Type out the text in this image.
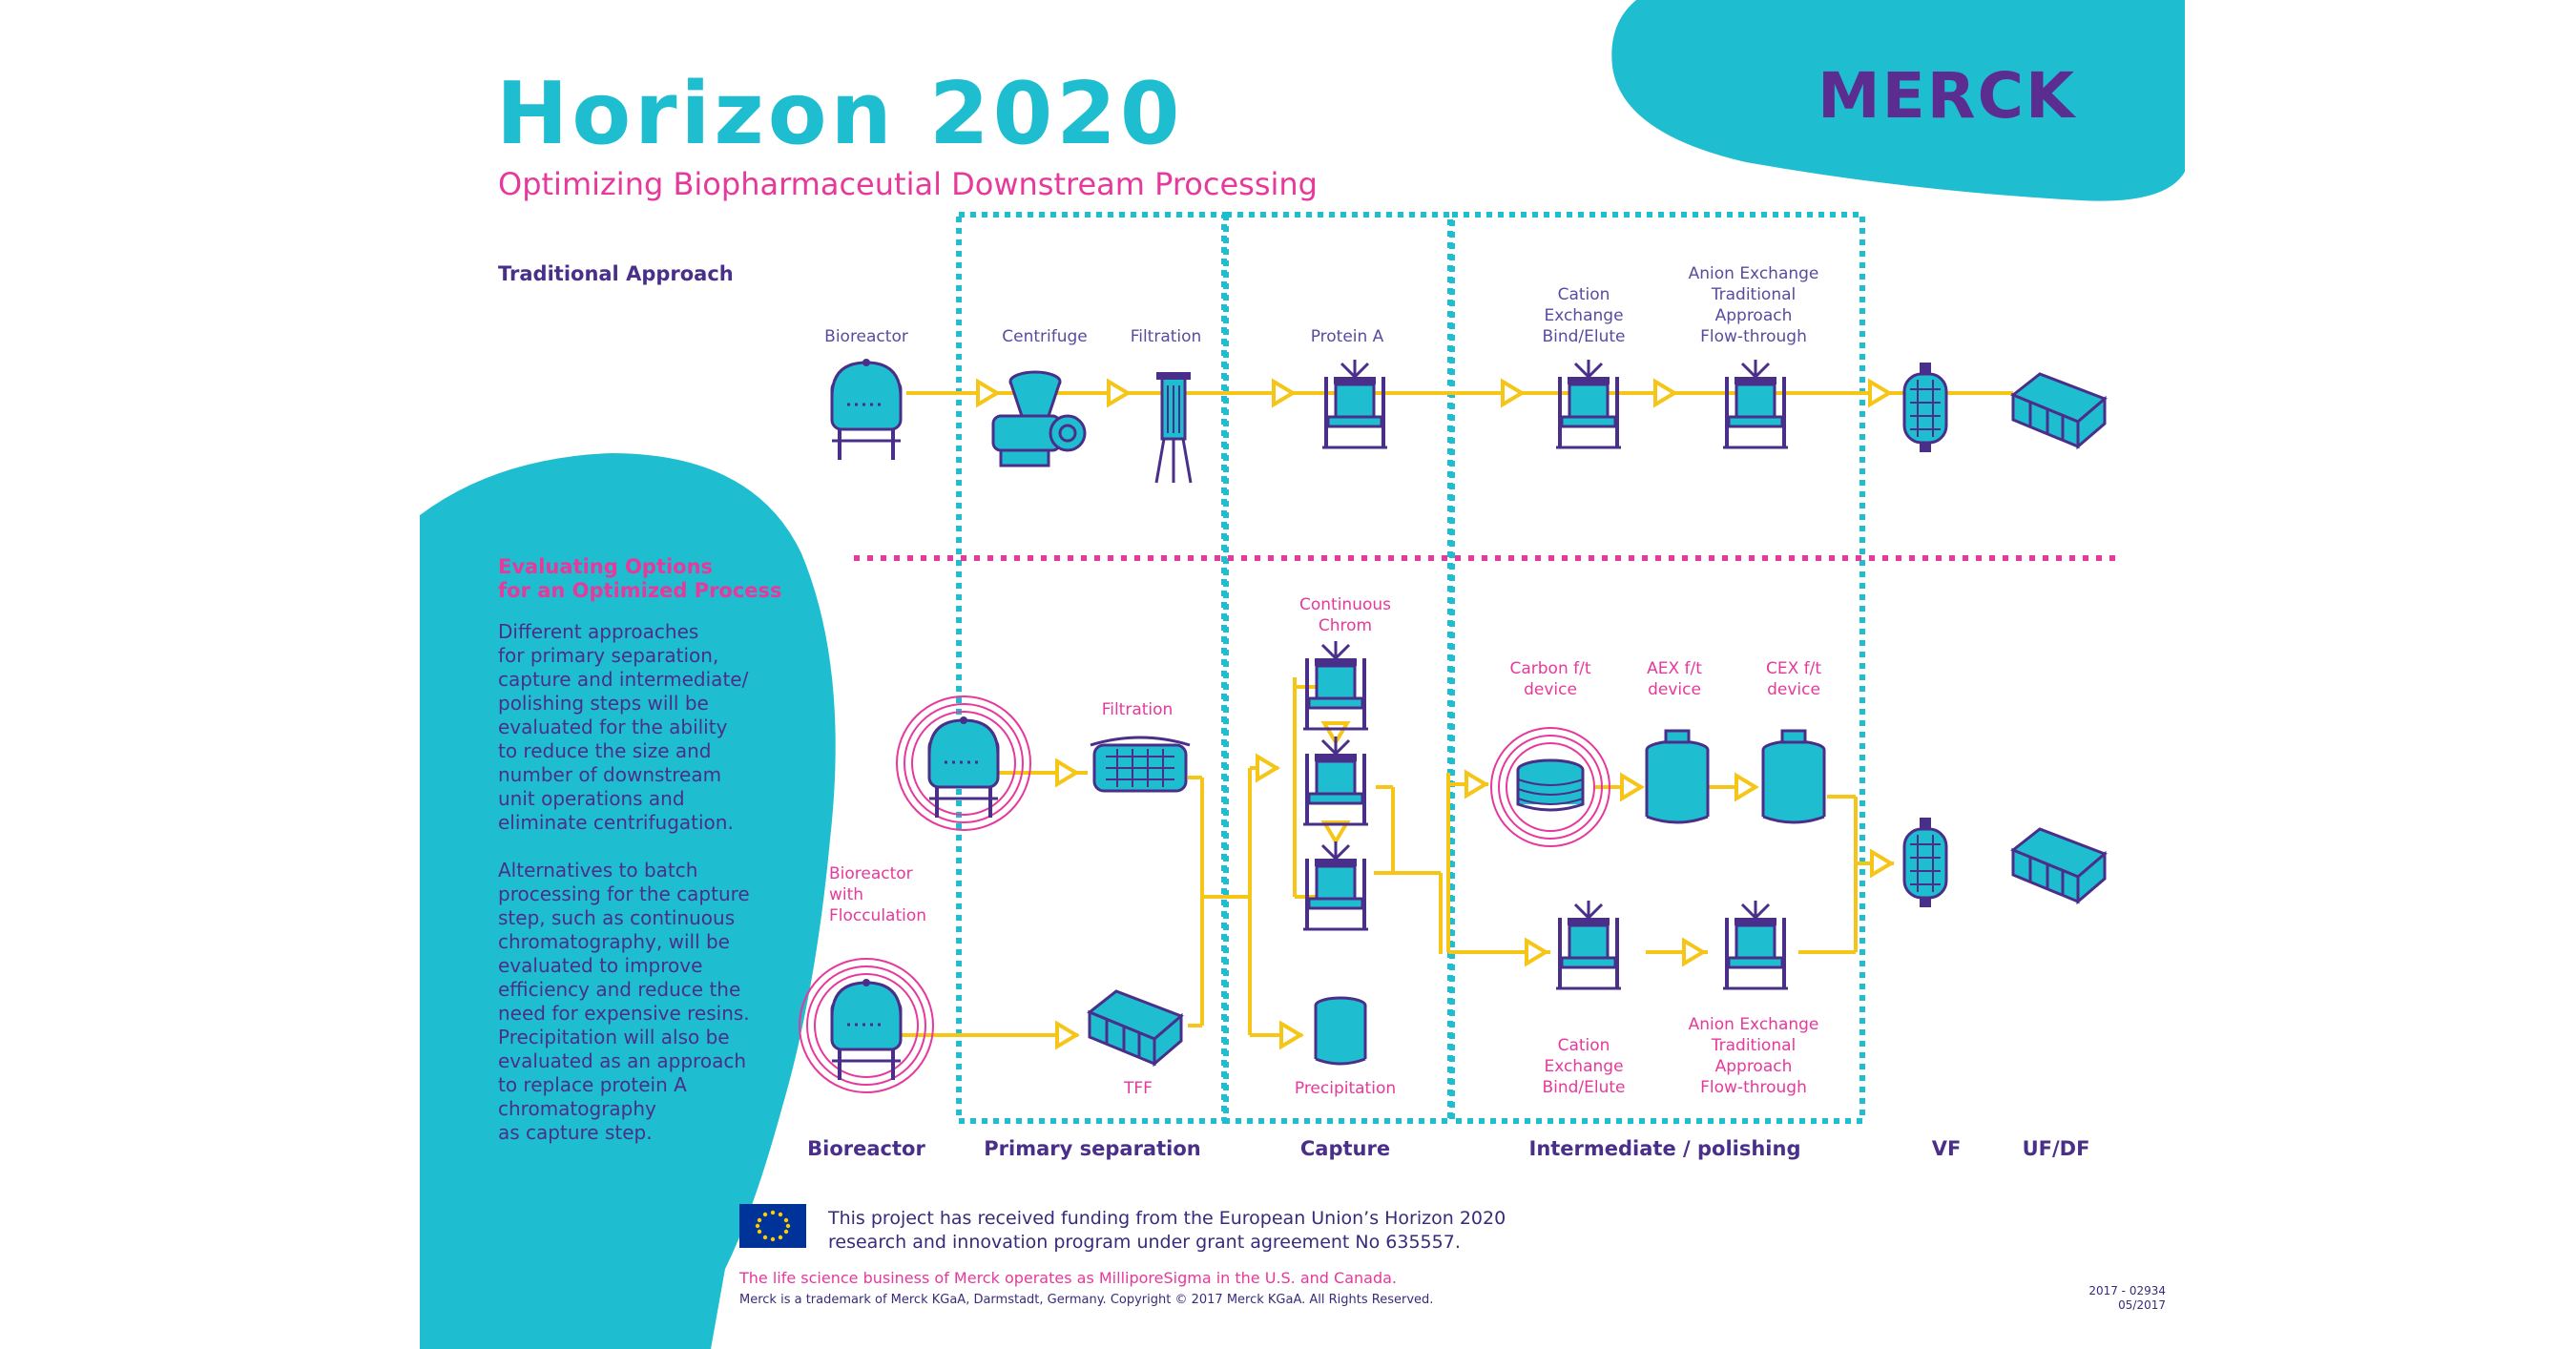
Horizon 2020
Optimizing Biopharmaceutial Downstream Processing
MERCK
Traditional Approach
Bioreactor	Centrifuge	Filtration	Protein A
Cation
Exchange
Bind/Elute
Anion Exchange
Traditional
Approach
Flow-through
Filtration
Bioreactor
with
Flocculation
TFF
Continuous
Chrom
Precipitation
Carbon f/t
device
AEX f/t
device
CEX f/t
device
Cation
Exchange
Bind/Elute
Anion Exchange
Traditional
Approach
Flow-through
Bioreactor	Primary separation	Capture	Intermediate / polishing	VF	UF/DF
Evaluating Options
for an Optimized Process
Different approaches
for primary separation,
capture and intermediate/
polishing steps will be
evaluated for the ability
to reduce the size and
number of downstream
unit operations and
eliminate centrifugation.
Alternatives to batch
processing for the capture
step, such as continuous
chromatography, will be
evaluated to improve
efficiency and reduce the
need for expensive resins.
Precipitation will also be
evaluated as an approach
to replace protein A
chromatography
as capture step.
This project has received funding from the European Union’s Horizon 2020
research and innovation program under grant agreement No 635557.
The life science business of Merck operates as MilliporeSigma in the U.S. and Canada.
Merck is a trademark of Merck KGaA, Darmstadt, Germany. Copyright © 2017 Merck KGaA. All Rights Reserved.
2017 - 02934
05/2017
